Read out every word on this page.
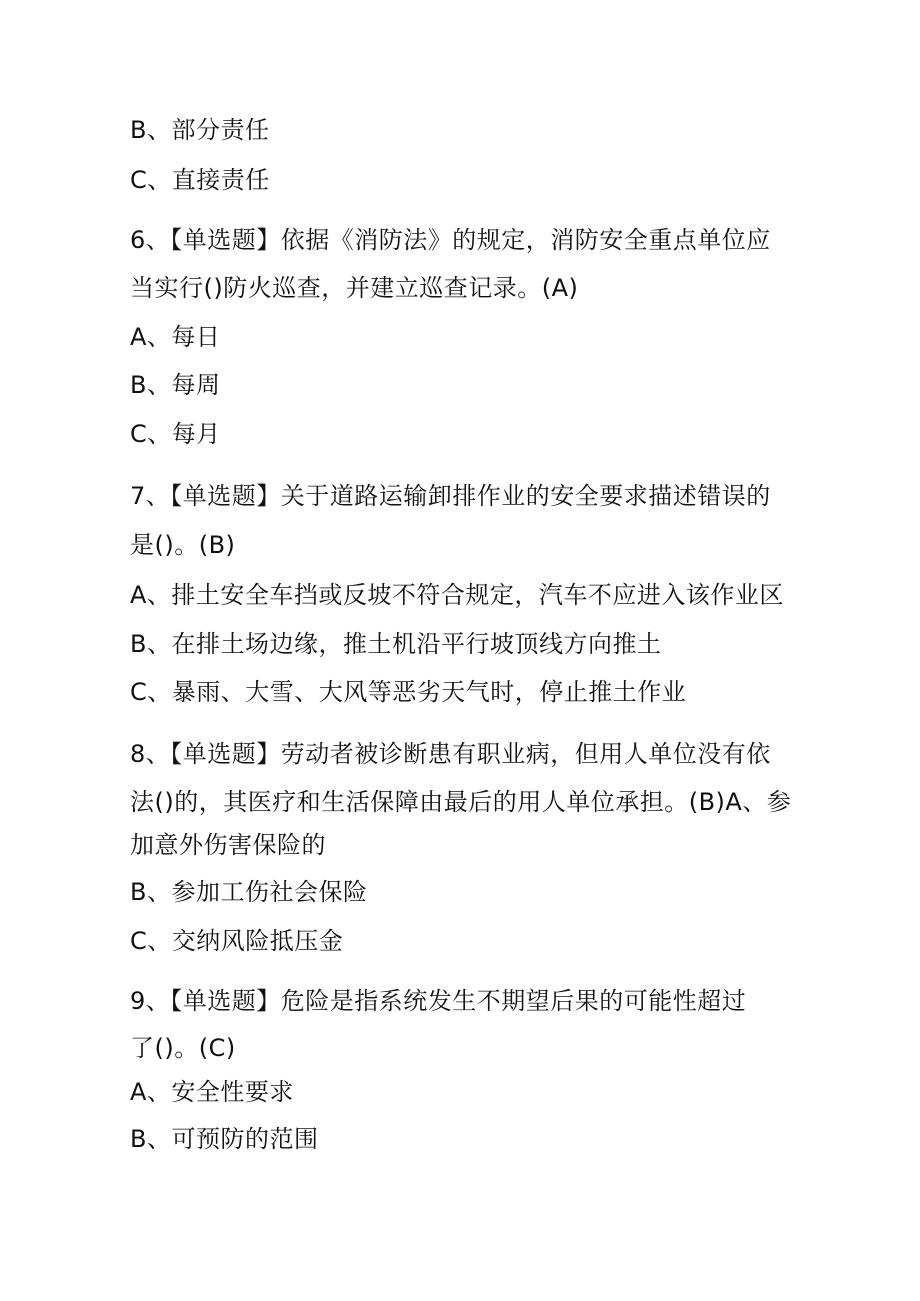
B、部分责任
C、直接责任
6、【单选题】依据《消防法》的规定，消防安全重点单位应
当实行()防火巡查，并建立巡查记录。(A)
A、每日
B、每周
C、每月
7、【单选题】关于道路运输卸排作业的安全要求描述错误的
是()。(B)
A、排土安全车挡或反坡不符合规定，汽车不应进入该作业区
B、在排土场边缘，推土机沿平行坡顶线方向推土
C、暴雨、大雪、大风等恶劣天气时，停止推土作业
8、【单选题】劳动者被诊断患有职业病，但用人单位没有依
法()的，其医疗和生活保障由最后的用人单位承担。(B)A、参
加意外伤害保险的
B、参加工伤社会保险
C、交纳风险抵压金
9、【单选题】危险是指系统发生不期望后果的可能性超过
了()。(C)
A、安全性要求
B、可预防的范围
